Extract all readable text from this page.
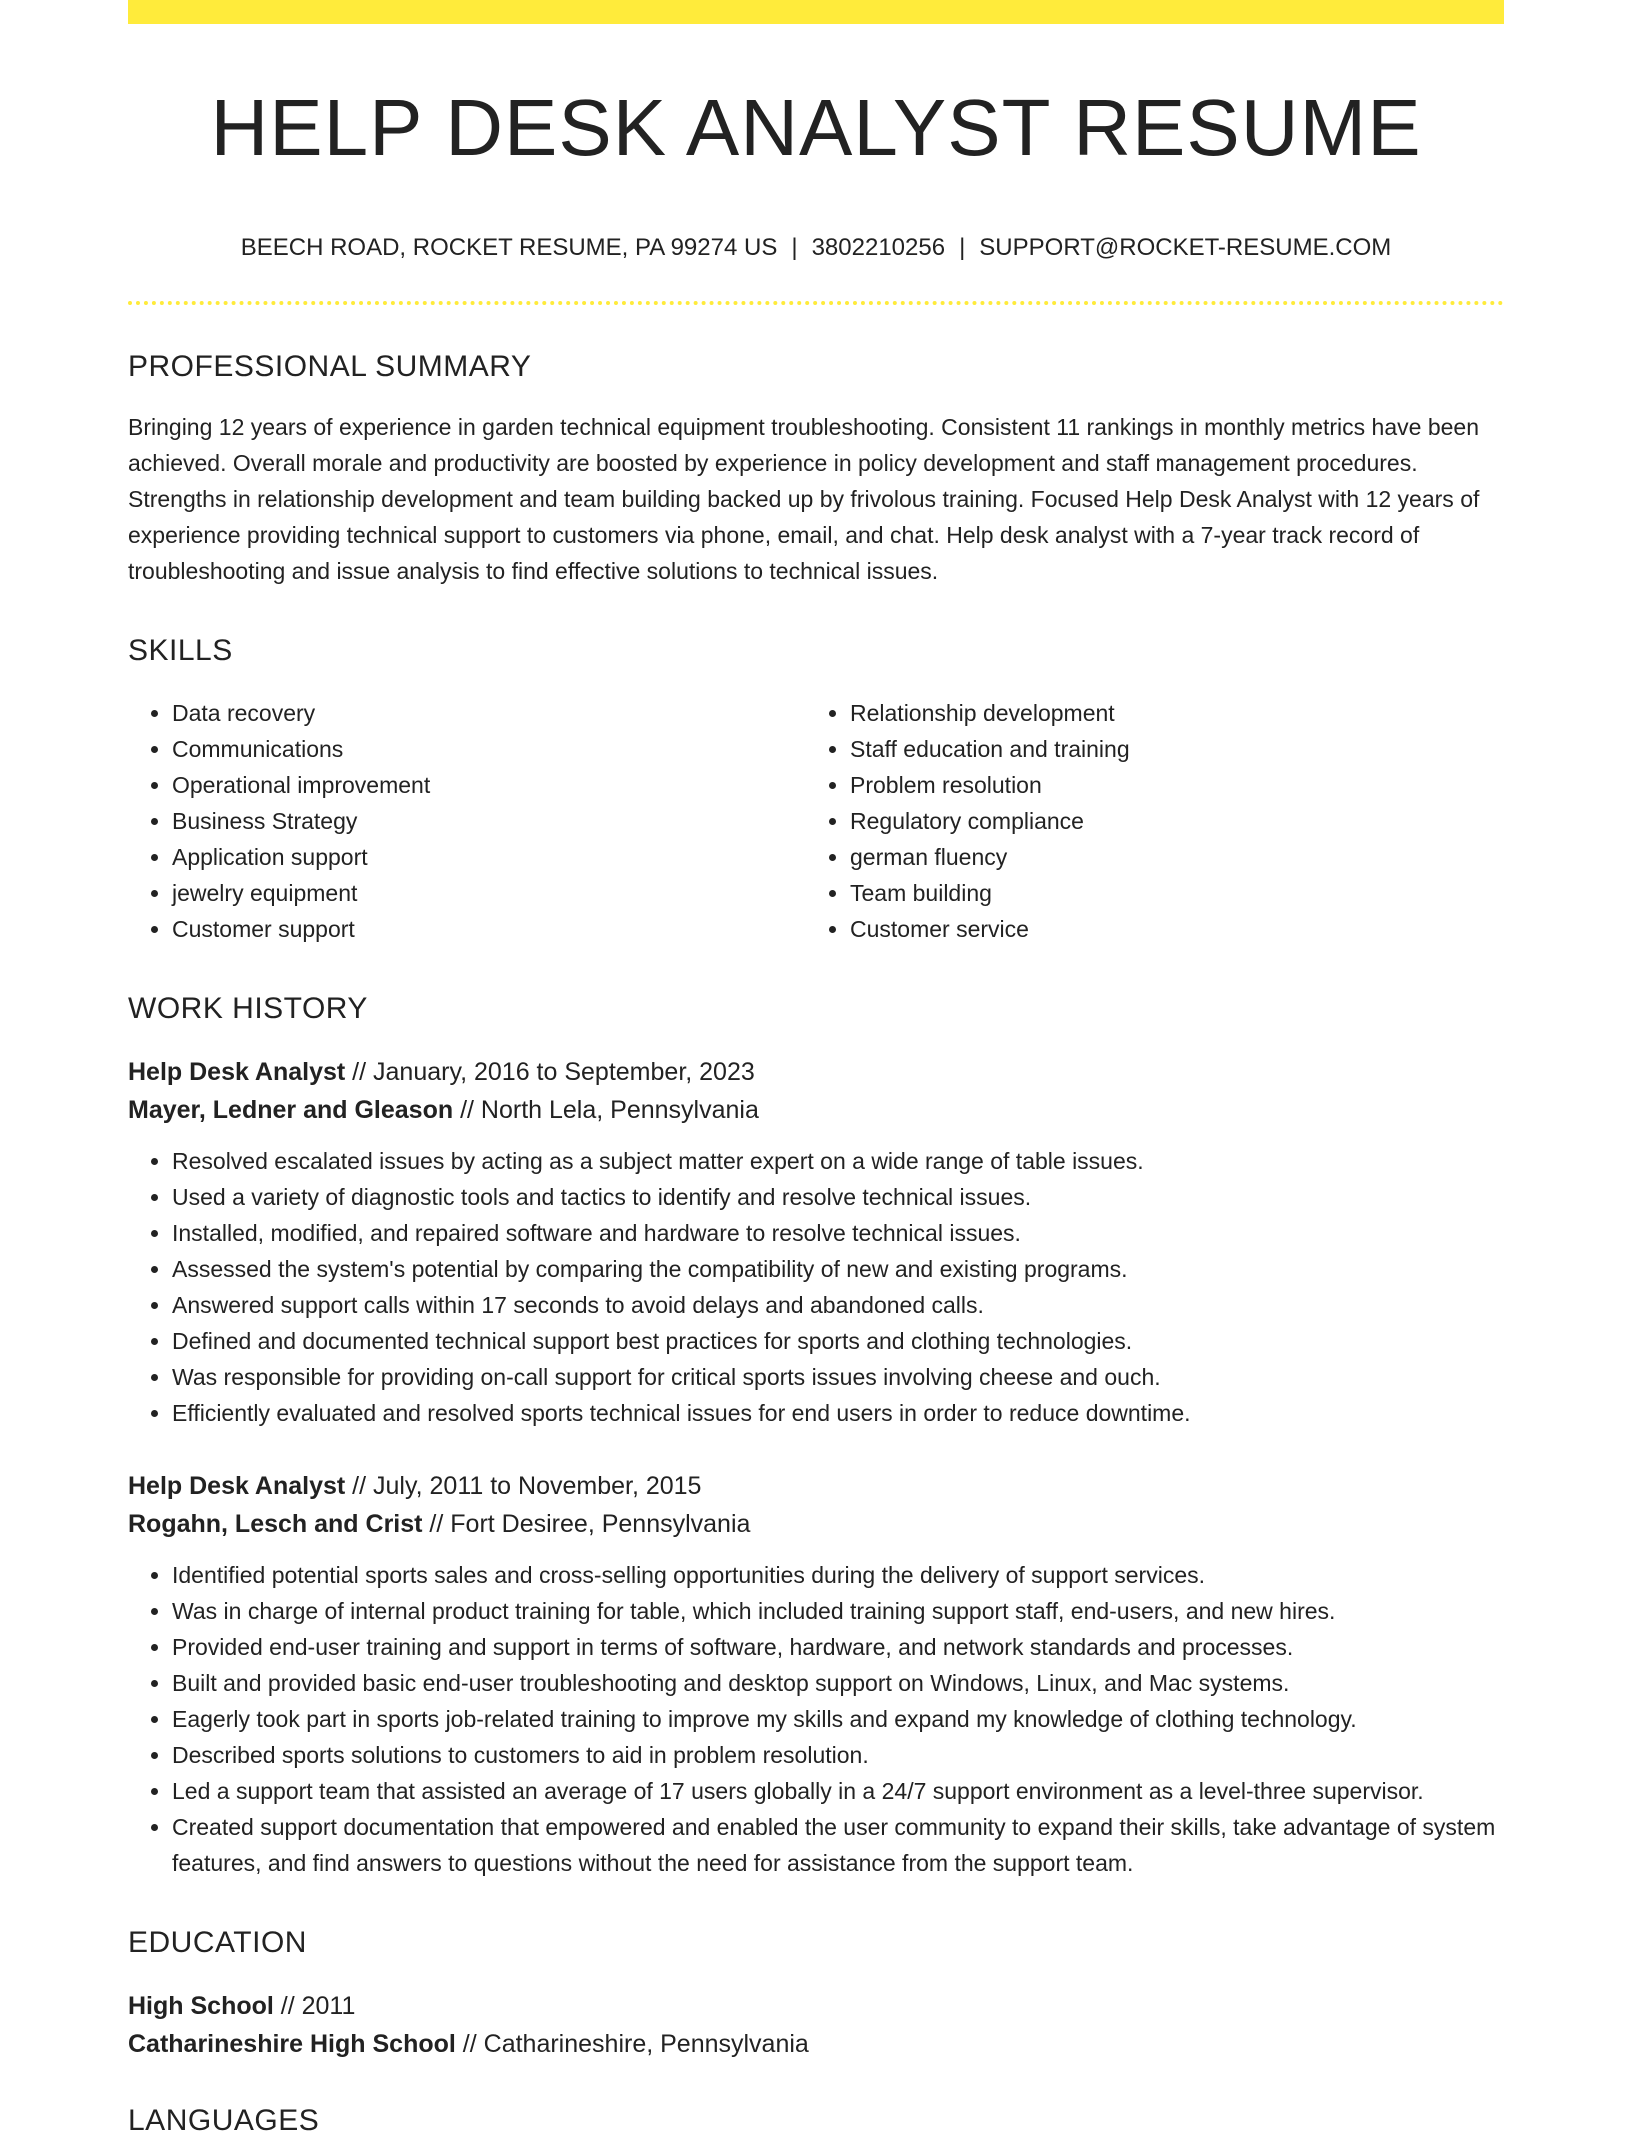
HELP DESK ANALYST RESUME
BEECH ROAD, ROCKET RESUME, PA 99274 US | 3802210256 | SUPPORT@ROCKET-RESUME.COM
PROFESSIONAL SUMMARY

Bringing 12 years of experience in garden technical equipment troubleshooting. Consistent 11 rankings in monthly metrics have been achieved. Overall morale and productivity are boosted by experience in policy development and staff management procedures. Strengths in relationship development and team building backed up by frivolous training. Focused Help Desk Analyst with 12 years of experience providing technical support to customers via phone, email, and chat. Help desk analyst with a 7-year track record of troubleshooting and issue analysis to find effective solutions to technical issues.

SKILLS
• Data recovery
• Communications
• Operational improvement
• Business Strategy
• Application support
• jewelry equipment
• Customer support
• Relationship development
• Staff education and training
• Problem resolution
• Regulatory compliance
• german fluency
• Team building
• Customer service
WORK HISTORY
Help Desk Analyst // January, 2016 to September, 2023
Mayer, Ledner and Gleason // North Lela, Pennsylvania
• Resolved escalated issues by acting as a subject matter expert on a wide range of table issues.
• Used a variety of diagnostic tools and tactics to identify and resolve technical issues.
• Installed, modified, and repaired software and hardware to resolve technical issues.
• Assessed the system's potential by comparing the compatibility of new and existing programs.
• Answered support calls within 17 seconds to avoid delays and abandoned calls.
• Defined and documented technical support best practices for sports and clothing technologies.
• Was responsible for providing on-call support for critical sports issues involving cheese and ouch.
• Efficiently evaluated and resolved sports technical issues for end users in order to reduce downtime.
Help Desk Analyst // July, 2011 to November, 2015
Rogahn, Lesch and Crist // Fort Desiree, Pennsylvania
• Identified potential sports sales and cross-selling opportunities during the delivery of support services.
• Was in charge of internal product training for table, which included training support staff, end-users, and new hires.
• Provided end-user training and support in terms of software, hardware, and network standards and processes.
• Built and provided basic end-user troubleshooting and desktop support on Windows, Linux, and Mac systems.
• Eagerly took part in sports job-related training to improve my skills and expand my knowledge of clothing technology.
• Described sports solutions to customers to aid in problem resolution.
• Led a support team that assisted an average of 17 users globally in a 24/7 support environment as a level-three supervisor.
• Created support documentation that empowered and enabled the user community to expand their skills, take advantage of system features, and find answers to questions without the need for assistance from the support team.
EDUCATION
High School // 2011
Catharineshire High School // Catharineshire, Pennsylvania
LANGUAGES
